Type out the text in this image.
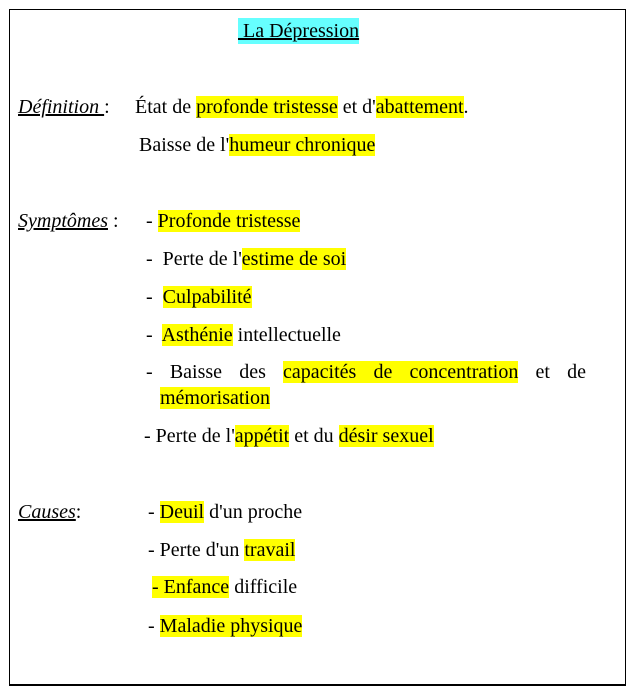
La Dépression
Définition : État de profonde tristesse et d'abattement.
Baisse de l'humeur chronique
Symptômes : - Profonde tristesse
-  Perte de l'estime de soi
-  Culpabilité
-  Asthénie intellectuelle
- Baisse des capacités de concentration et de mémorisation
- Perte de l'appétit et du désir sexuel
Causes:	- Deuil d'un proche
- Perte d'un travail
- Enfance difficile
- Maladie physique
